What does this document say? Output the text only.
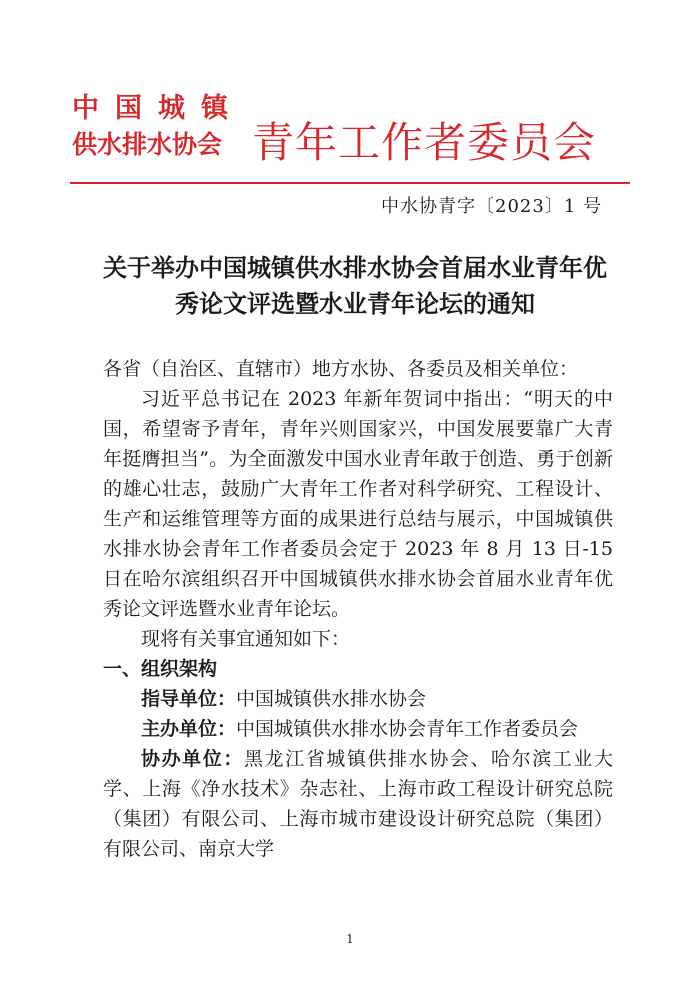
中国城镇
供水排水协会 青年工作者委员会
中水协青字〔2023〕1 号
关于举办中国城镇供水排水协会首届水业青年优秀论文评选暨水业青年论坛的通知

各省（自治区、直辖市）地方水协、各委员及相关单位：

习近平总书记在 2023 年新年贺词中指出：“明天的中国，希望寄予青年，青年兴则国家兴，中国发展要靠广大青年挺膺担当”。为全面激发中国水业青年敢于创造、勇于创新的雄心壮志，鼓励广大青年工作者对科学研究、工程设计、生产和运维管理等方面的成果进行总结与展示，中国城镇供水排水协会青年工作者委员会定于 2023 年 8 月 13 日-15 日在哈尔滨组织召开中国城镇供水排水协会首届水业青年优秀论文评选暨水业青年论坛。

现将有关事宜通知如下：

一、组织架构

指导单位：中国城镇供水排水协会

主办单位：中国城镇供水排水协会青年工作者委员会

协办单位：黑龙江省城镇供排水协会、哈尔滨工业大学、上海《净水技术》杂志社、上海市政工程设计研究总院（集团）有限公司、上海市城市建设设计研究总院（集团）有限公司、南京大学

1
